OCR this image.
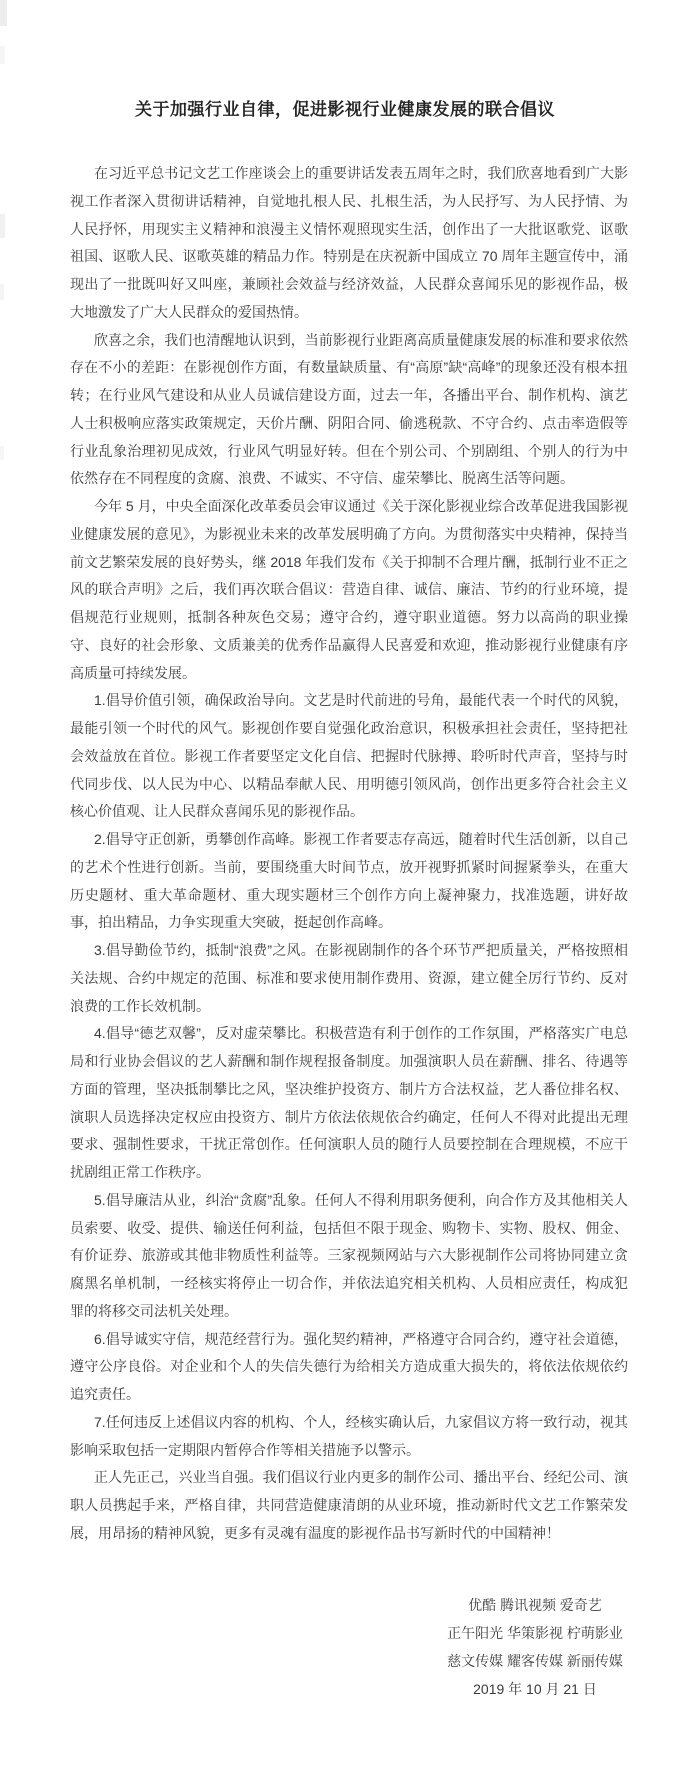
关于加强行业自律，促进影视行业健康发展的联合倡议

在习近平总书记文艺工作座谈会上的重要讲话发表五周年之时，我们欣喜地看到广大影视工作者深入贯彻讲话精神，自觉地扎根人民、扎根生活，为人民抒写、为人民抒情、为人民抒怀，用现实主义精神和浪漫主义情怀观照现实生活，创作出了一大批讴歌党、讴歌祖国、讴歌人民、讴歌英雄的精品力作。特别是在庆祝新中国成立 70 周年主题宣传中，涌现出了一批既叫好又叫座，兼顾社会效益与经济效益，人民群众喜闻乐见的影视作品，极大地激发了广大人民群众的爱国热情。

欣喜之余，我们也清醒地认识到，当前影视行业距离高质量健康发展的标准和要求依然存在不小的差距：在影视创作方面，有数量缺质量、有“高原”缺“高峰”的现象还没有根本扭转；在行业风气建设和从业人员诚信建设方面，过去一年，各播出平台、制作机构、演艺人士积极响应落实政策规定，天价片酬、阴阳合同、偷逃税款、不守合约、点击率造假等行业乱象治理初见成效，行业风气明显好转。但在个别公司、个别剧组、个别人的行为中依然存在不同程度的贪腐、浪费、不诚实、不守信、虚荣攀比、脱离生活等问题。

今年 5 月，中央全面深化改革委员会审议通过《关于深化影视业综合改革促进我国影视业健康发展的意见》，为影视业未来的改革发展明确了方向。为贯彻落实中央精神，保持当前文艺繁荣发展的良好势头，继 2018 年我们发布《关于抑制不合理片酬，抵制行业不正之风的联合声明》之后，我们再次联合倡议：营造自律、诚信、廉洁、节约的行业环境，提倡规范行业规则，抵制各种灰色交易；遵守合约，遵守职业道德。努力以高尚的职业操守、良好的社会形象、文质兼美的优秀作品赢得人民喜爱和欢迎，推动影视行业健康有序高质量可持续发展。

1.倡导价值引领，确保政治导向。文艺是时代前进的号角，最能代表一个时代的风貌，最能引领一个时代的风气。影视创作要自觉强化政治意识，积极承担社会责任，坚持把社会效益放在首位。影视工作者要坚定文化自信、把握时代脉搏、聆听时代声音，坚持与时代同步伐、以人民为中心、以精品奉献人民、用明德引领风尚，创作出更多符合社会主义核心价值观、让人民群众喜闻乐见的影视作品。

2.倡导守正创新，勇攀创作高峰。影视工作者要志存高远，随着时代生活创新，以自己的艺术个性进行创新。当前，要围绕重大时间节点，放开视野抓紧时间握紧拳头，在重大历史题材、重大革命题材、重大现实题材三个创作方向上凝神聚力，找准选题，讲好故事，拍出精品，力争实现重大突破，挺起创作高峰。

3.倡导勤俭节约，抵制“浪费”之风。在影视剧制作的各个环节严把质量关，严格按照相关法规、合约中规定的范围、标准和要求使用制作费用、资源，建立健全厉行节约、反对浪费的工作长效机制。

4.倡导“德艺双馨”，反对虚荣攀比。积极营造有利于创作的工作氛围，严格落实广电总局和行业协会倡议的艺人薪酬和制作规程报备制度。加强演职人员在薪酬、排名、待遇等方面的管理，坚决抵制攀比之风，坚决维护投资方、制片方合法权益，艺人番位排名权、演职人员选择决定权应由投资方、制片方依法依规依合约确定，任何人不得对此提出无理要求、强制性要求，干扰正常创作。任何演职人员的随行人员要控制在合理规模，不应干扰剧组正常工作秩序。

5.倡导廉洁从业，纠治“贪腐”乱象。任何人不得利用职务便利，向合作方及其他相关人员索要、收受、提供、输送任何利益，包括但不限于现金、购物卡、实物、股权、佣金、有价证券、旅游或其他非物质性利益等。三家视频网站与六大影视制作公司将协同建立贪腐黑名单机制，一经核实将停止一切合作，并依法追究相关机构、人员相应责任，构成犯罪的将移交司法机关处理。

6.倡导诚实守信，规范经营行为。强化契约精神，严格遵守合同合约，遵守社会道德，遵守公序良俗。对企业和个人的失信失德行为给相关方造成重大损失的，将依法依规依约追究责任。

7.任何违反上述倡议内容的机构、个人，经核实确认后，九家倡议方将一致行动，视其影响采取包括一定期限内暂停合作等相关措施予以警示。

正人先正己，兴业当自强。我们倡议行业内更多的制作公司、播出平台、经纪公司、演职人员携起手来，严格自律，共同营造健康清朗的从业环境，推动新时代文艺工作繁荣发展，用昂扬的精神风貌，更多有灵魂有温度的影视作品书写新时代的中国精神！

优酷 腾讯视频 爱奇艺
正午阳光 华策影视 柠萌影业
慈文传媒 耀客传媒 新丽传媒
2019 年 10 月 21 日
